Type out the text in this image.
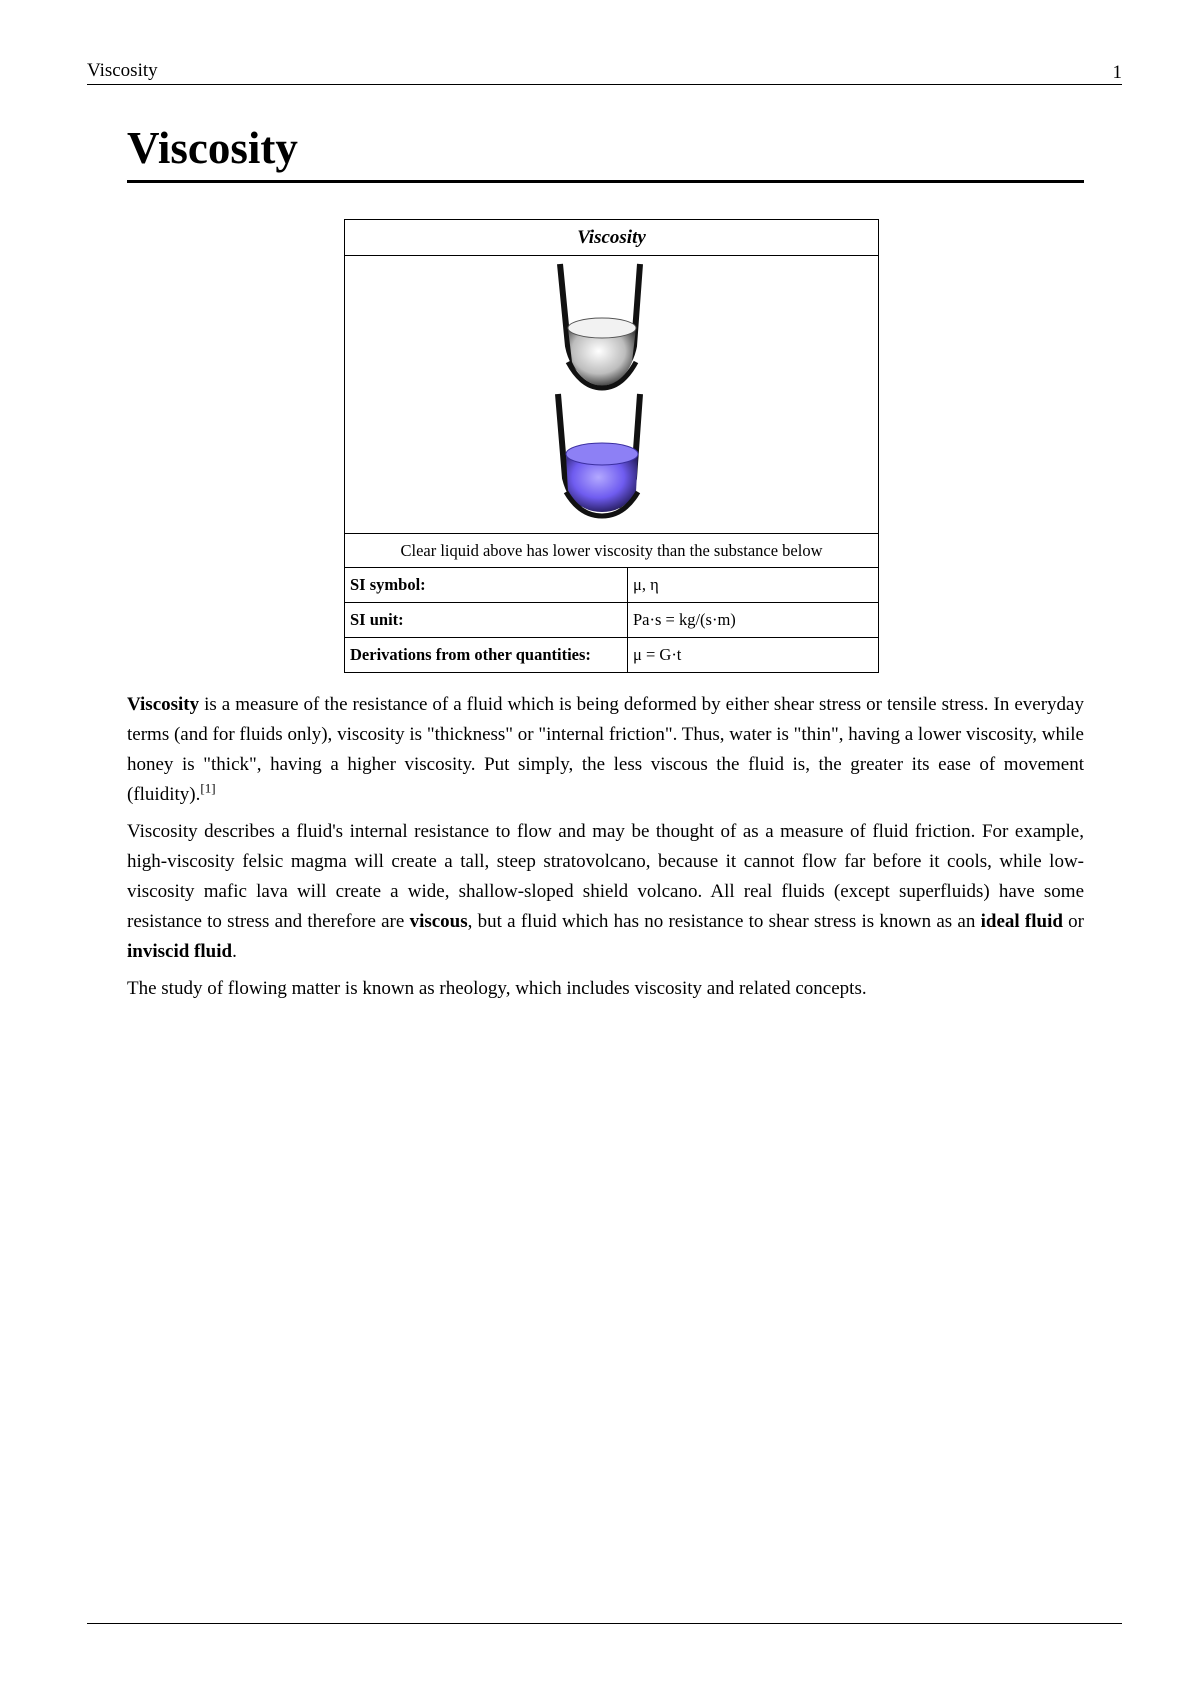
Viscosity	1
Viscosity
Viscosity	

Clear liquid above has lower viscosity than the substance below	
SI symbol:	μ, η
SI unit:	Pa·s = kg/(s·m)
Derivations from other quantities:	μ = G·t

Viscosity is a measure of the resistance of a fluid which is being deformed by either shear stress or tensile stress. In everyday terms (and for fluids only), viscosity is "thickness" or "internal friction". Thus, water is "thin", having a lower viscosity, while honey is "thick", having a higher viscosity. Put simply, the less viscous the fluid is, the greater its ease of movement (fluidity).[1]

Viscosity describes a fluid's internal resistance to flow and may be thought of as a measure of fluid friction. For example, high-viscosity felsic magma will create a tall, steep stratovolcano, because it cannot flow far before it cools, while low-viscosity mafic lava will create a wide, shallow-sloped shield volcano. All real fluids (except superfluids) have some resistance to stress and therefore are viscous, but a fluid which has no resistance to shear stress is known as an ideal fluid or inviscid fluid.

The study of flowing matter is known as rheology, which includes viscosity and related concepts.
